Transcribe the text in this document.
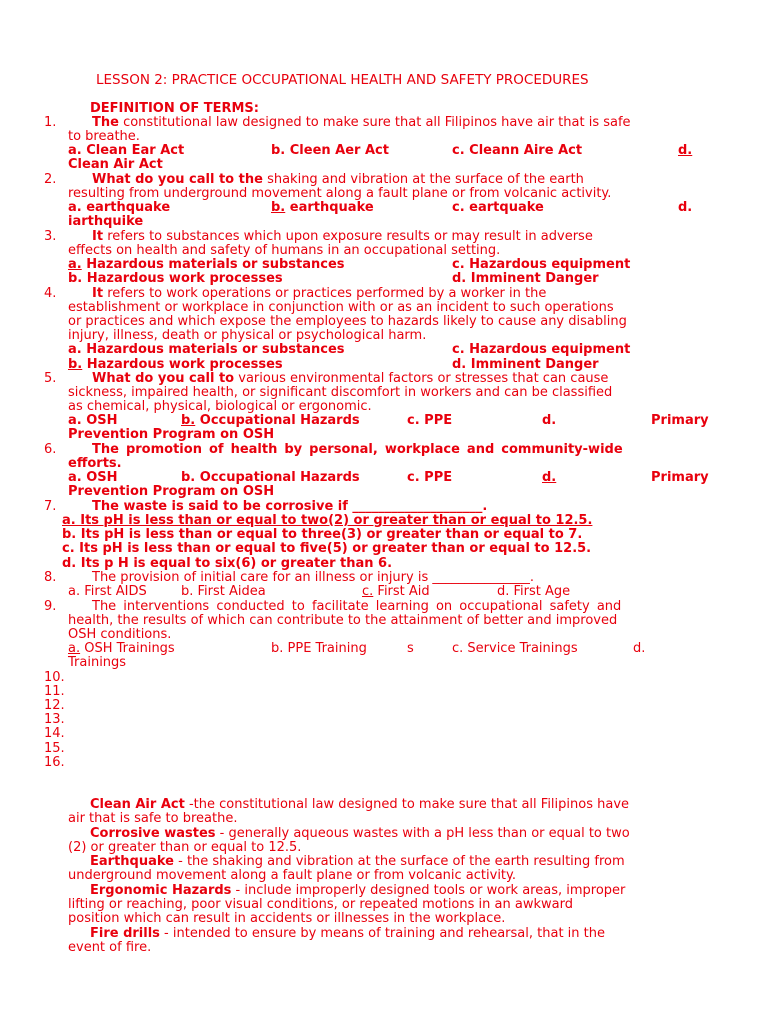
LESSON 2: PRACTICE OCCUPATIONAL HEALTH AND SAFETY PROCEDURES
DEFINITION OF TERMS:
1.	The constitutional law designed to make sure that all Filipinos have air that is safe
to breathe.
a. Clean Ear Act	b. Cleen Aer Act	c. Cleann Aire Act	d.
Clean Air Act
2.	What do you call to the shaking and vibration at the surface of the earth
resulting from underground movement along a fault plane or from volcanic activity.
a. earthquake	b. earthquake	c. eartquake	d.
iarthquike
3.	It refers to substances which upon exposure results or may result in adverse
effects on health and safety of humans in an occupational setting.
a. Hazardous materials or substances	c. Hazardous equipment
b. Hazardous work processes	d. Imminent Danger
4.	It refers to work operations or practices performed by a worker in the
establishment or workplace in conjunction with or as an incident to such operations
or practices and which expose the employees to hazards likely to cause any disabling
injury, illness, death or physical or psychological harm.
a. Hazardous materials or substances	c. Hazardous equipment
b. Hazardous work processes	d. Imminent Danger
5.	What do you call to various environmental factors or stresses that can cause
sickness, impaired health, or significant discomfort in workers and can be classified
as chemical, physical, biological or ergonomic.
a. OSH	b. Occupational Hazards	c. PPE	d.	Primary
Prevention Program on OSH
6.	The promotion of health by personal, workplace and community-wide
efforts.
a. OSH	b. Occupational Hazards	c. PPE	d.	Primary
Prevention Program on OSH
7.	The waste is said to be corrosive if ____________________.
a. Its pH is less than or equal to two(2) or greater than or equal to 12.5.
b. Its pH is less than or equal to three(3) or greater than or equal to 7.
c. Its pH is less than or equal to five(5) or greater than or equal to 12.5.
d. Its p H is equal to six(6) or greater than 6.
8.	The provision of initial care for an illness or injury is _______________.
a. First AIDS	b. First Aidea	c. First Aid	d. First Age
9.	The interventions conducted to facilitate learning on occupational safety and
health, the results of which can contribute to the attainment of better and improved
OSH conditions.
a. OSH Trainings	b. PPE Training	s	c. Service Trainings	d.
Trainings
10.
11.
12.
13.
14.
15.
16.
Clean Air Act -the constitutional law designed to make sure that all Filipinos have
air that is safe to breathe.
Corrosive wastes - generally aqueous wastes with a pH less than or equal to two
(2) or greater than or equal to 12.5.
Earthquake - the shaking and vibration at the surface of the earth resulting from
underground movement along a fault plane or from volcanic activity.
Ergonomic Hazards - include improperly designed tools or work areas, improper
lifting or reaching, poor visual conditions, or repeated motions in an awkward
position which can result in accidents or illnesses in the workplace.
Fire drills - intended to ensure by means of training and rehearsal, that in the
event of fire.
